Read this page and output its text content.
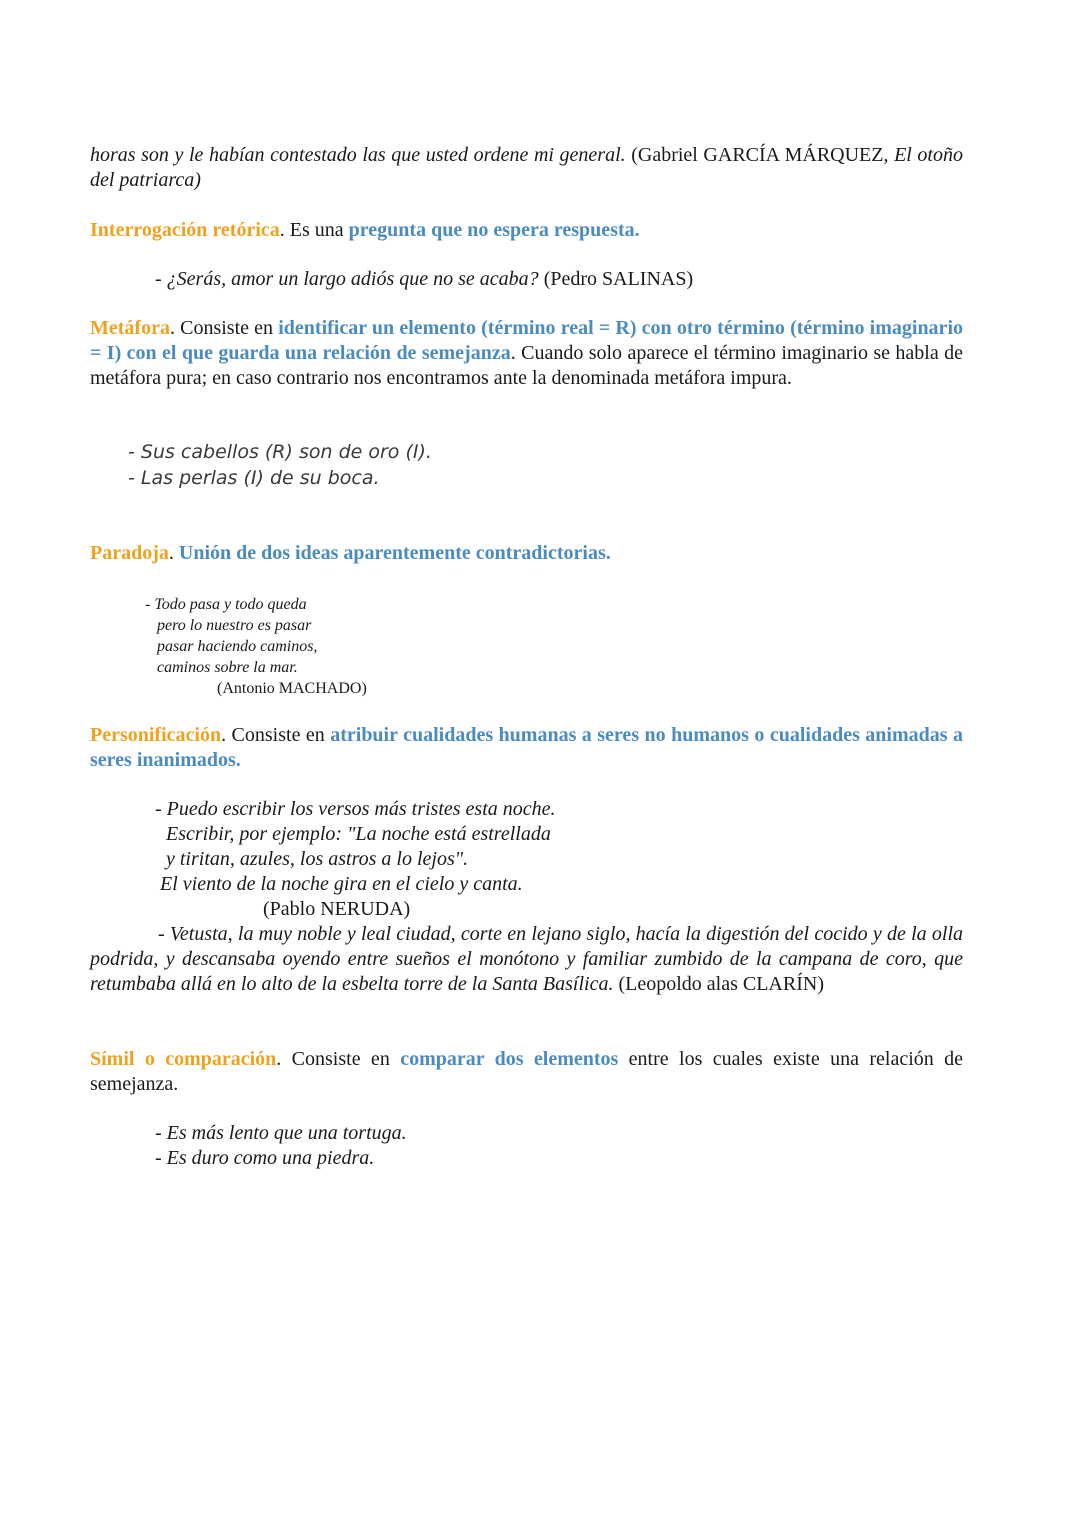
horas son y le habían contestado las que usted ordene mi general. (Gabriel GARCÍA MÁRQUEZ, El otoño del patriarca)

Interrogación retórica. Es una pregunta que no espera respuesta.

- ¿Serás, amor un largo adiós que no se acaba? (Pedro SALINAS)

Metáfora. Consiste en identificar un elemento (término real = R) con otro término (término imaginario = I) con el que guarda una relación de semejanza. Cuando solo aparece el término imaginario se habla de metáfora pura; en caso contrario nos encontramos ante la denominada metáfora impura.

- Sus cabellos (R) son de oro (I).
- Las perlas (I) de su boca.

Paradoja. Unión de dos ideas aparentemente contradictorias.

- Todo pasa y todo queda
pero lo nuestro es pasar
pasar haciendo caminos,
caminos sobre la mar.
(Antonio MACHADO)

Personificación. Consiste en atribuir cualidades humanas a seres no humanos o cualidades animadas a seres inanimados.

- Puedo escribir los versos más tristes esta noche.
Escribir, por ejemplo: "La noche está estrellada
y tiritan, azules, los astros a lo lejos".
El viento de la noche gira en el cielo y canta.
(Pablo NERUDA)

- Vetusta, la muy noble y leal ciudad, corte en lejano siglo, hacía la digestión del cocido y de la olla podrida, y descansaba oyendo entre sueños el monótono y familiar zumbido de la campana de coro, que retumbaba allá en lo alto de la esbelta torre de la Santa Basílica. (Leopoldo alas CLARÍN)

Símil o comparación. Consiste en comparar dos elementos entre los cuales existe una relación de semejanza.

- Es más lento que una tortuga.
- Es duro como una piedra.
